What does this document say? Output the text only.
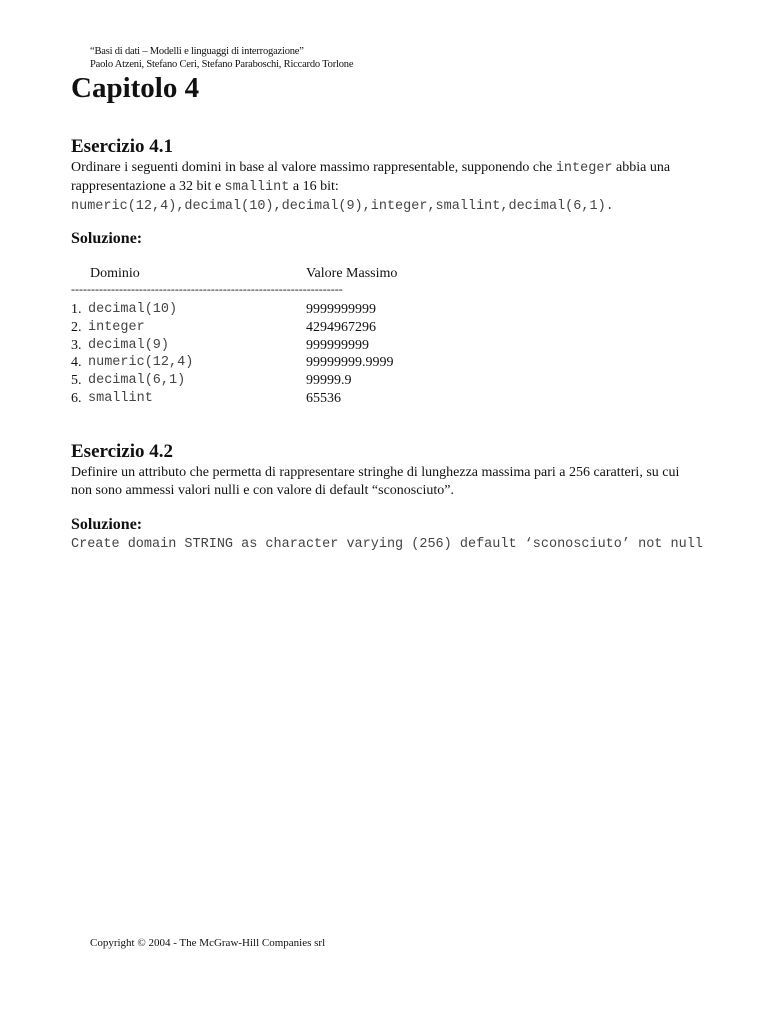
“Basi di dati – Modelli e linguaggi di interrogazione”
Paolo Atzeni, Stefano Ceri, Stefano Paraboschi, Riccardo Torlone
Capitolo 4
Esercizio 4.1
Ordinare i seguenti domini in base al valore massimo rappresentable, supponendo che integer abbia una rappresentazione a 32 bit e smallint a 16 bit: numeric(12,4),decimal(10),decimal(9),integer,smallint,decimal(6,1).
Soluzione:
Dominio	Valore Massimo
--------------------------------------------------------------------
1. decimal(10)	9999999999
2. integer	4294967296
3. decimal(9)	999999999
4. numeric(12,4)	99999999.9999
5. decimal(6,1)	99999.9
6. smallint	65536
Esercizio 4.2
Definire un attributo che permetta di rappresentare stringhe di lunghezza massima pari a 256 caratteri, su cui non sono ammessi valori nulli e con valore di default “sconosciuto”.
Soluzione:
Create domain STRING as character varying (256) default ‘sconosciuto’ not null
Copyright © 2004 - The McGraw-Hill Companies srl
